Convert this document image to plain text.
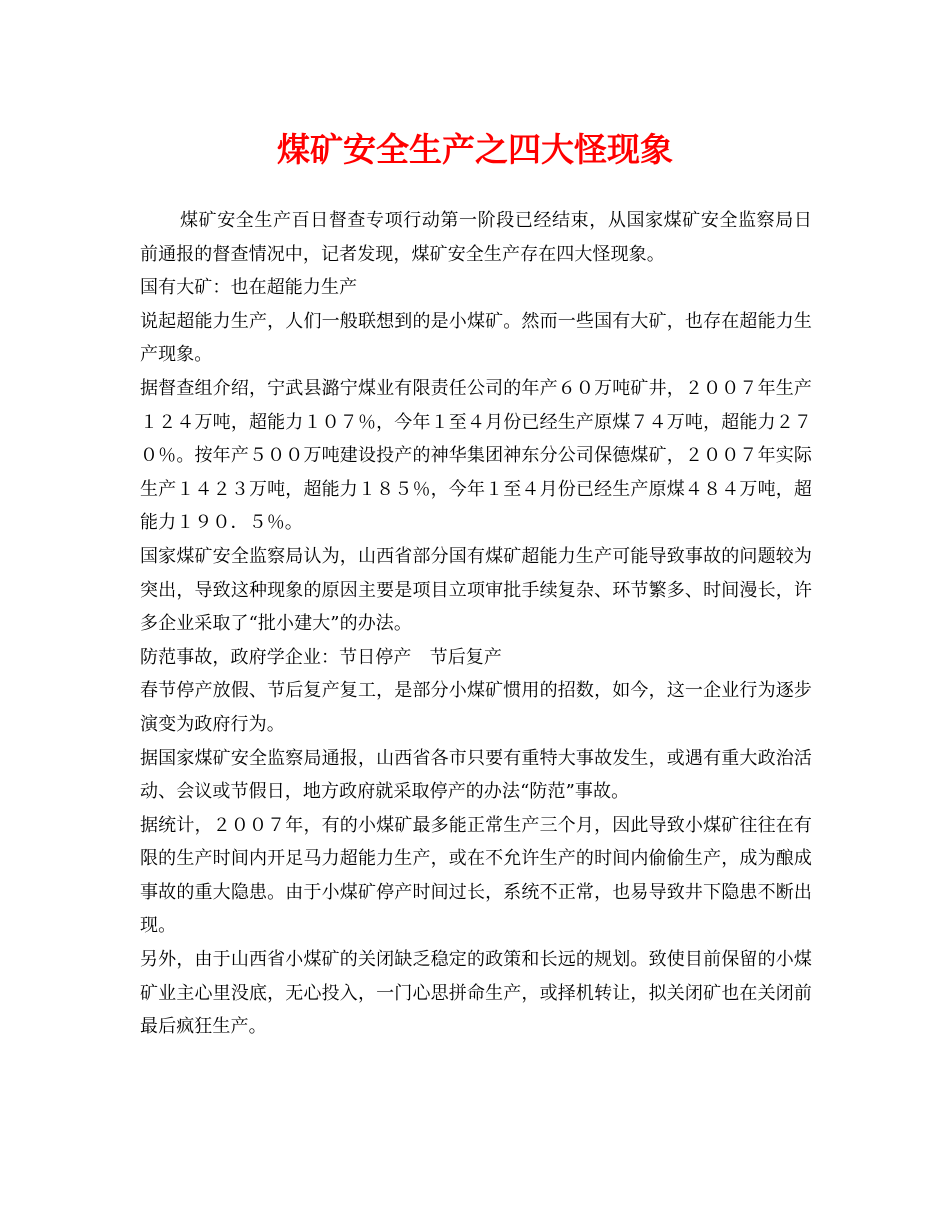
煤矿安全生产之四大怪现象

煤矿安全生产百日督查专项行动第一阶段已经结束，从国家煤矿安全监察局日前通报的督查情况中，记者发现，煤矿安全生产存在四大怪现象。

国有大矿：也在超能力生产

说起超能力生产，人们一般联想到的是小煤矿。然而一些国有大矿，也存在超能力生产现象。

据督查组介绍，宁武县潞宁煤业有限责任公司的年产６０万吨矿井，２００７年生产１２４万吨，超能力１０７％，今年１至４月份已经生产原煤７４万吨，超能力２７０％。按年产５００万吨建设投产的神华集团神东分公司保德煤矿，２００７年实际生产１４２３万吨，超能力１８５％，今年１至４月份已经生产原煤４８４万吨，超能力１９０．５％。

国家煤矿安全监察局认为，山西省部分国有煤矿超能力生产可能导致事故的问题较为突出，导致这种现象的原因主要是项目立项审批手续复杂、环节繁多、时间漫长，许多企业采取了“批小建大”的办法。

防范事故，政府学企业：节日停产　节后复产

春节停产放假、节后复产复工，是部分小煤矿惯用的招数，如今，这一企业行为逐步演变为政府行为。

据国家煤矿安全监察局通报，山西省各市只要有重特大事故发生，或遇有重大政治活动、会议或节假日，地方政府就采取停产的办法“防范”事故。

据统计，２００７年，有的小煤矿最多能正常生产三个月，因此导致小煤矿往往在有限的生产时间内开足马力超能力生产，或在不允许生产的时间内偷偷生产，成为酿成事故的重大隐患。由于小煤矿停产时间过长，系统不正常，也易导致井下隐患不断出现。

另外，由于山西省小煤矿的关闭缺乏稳定的政策和长远的规划。致使目前保留的小煤矿业主心里没底，无心投入，一门心思拼命生产，或择机转让，拟关闭矿也在关闭前最后疯狂生产。
